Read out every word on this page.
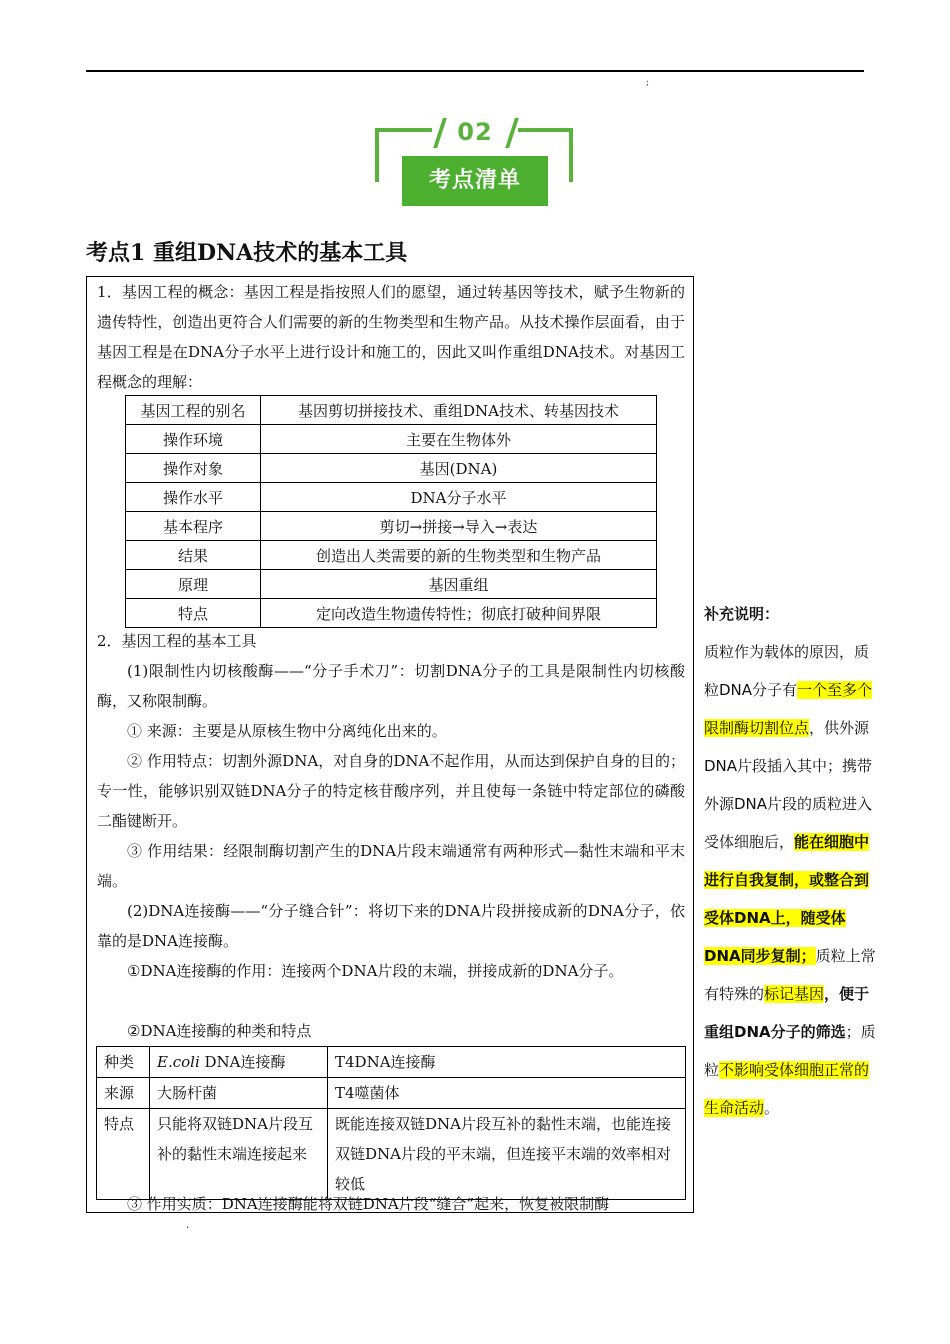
;
02
考点清单
考点1 重组DNA技术的基本工具

1．基因工程的概念：基因工程是指按照人们的愿望，通过转基因等技术，赋予生物新的遗传特性，创造出更符合人们需要的新的生物类型和生物产品。从技术操作层面看，由于基因工程是在DNA分子水平上进行设计和施工的，因此又叫作重组DNA技术。对基因工程概念的理解：

基因工程的别名	基因剪切拼接技术、重组DNA技术、转基因技术
操作环境	主要在生物体外
操作对象	基因(DNA)
操作水平	DNA分子水平
基本程序	剪切→拼接→导入→表达
结果	创造出人类需要的新的生物类型和生物产品
原理	基因重组
特点	定向改造生物遗传特性；彻底打破种间界限
2．基因工程的基本工具

(1)限制性内切核酸酶——“分子手术刀”：切割DNA分子的工具是限制性内切核酸酶，又称限制酶。

① 来源：主要是从原核生物中分离纯化出来的。

② 作用特点：切割外源DNA，对自身的DNA不起作用，从而达到保护自身的目的；专一性，能够识别双链DNA分子的特定核苷酸序列，并且使每一条链中特定部位的磷酸二酯键断开。

③ 作用结果：经限制酶切割产生的DNA片段末端通常有两种形式—黏性末端和平末端。

(2)DNA连接酶——“分子缝合针”：将切下来的DNA片段拼接成新的DNA分子，依靠的是DNA连接酶。

①DNA连接酶的作用：连接两个DNA片段的末端，拼接成新的DNA分子。

②DNA连接酶的种类和特点

种类	E.coli DNA连接酶	T4DNA连接酶
来源	大肠杆菌	T4噬菌体
特点	只能将双链DNA片段互补的黏性末端连接起来	既能连接双链DNA片段互补的黏性末端，也能连接双链DNA片段的平末端，但连接平末端的效率相对较低

③ 作用实质：DNA连接酶能将双链DNA片段“缝合”起来，恢复被限制酶

补充说明：
质粒作为载体的原因，质粒DNA分子有一个至多个限制酶切割位点，供外源DNA片段插入其中；携带外源DNA片段的质粒进入受体细胞后，能在细胞中进行自我复制，或整合到受体DNA上，随受体DNA同步复制；质粒上常有特殊的标记基因，便于重组DNA分子的筛选；质粒不影响受体细胞正常的生命活动。
.
